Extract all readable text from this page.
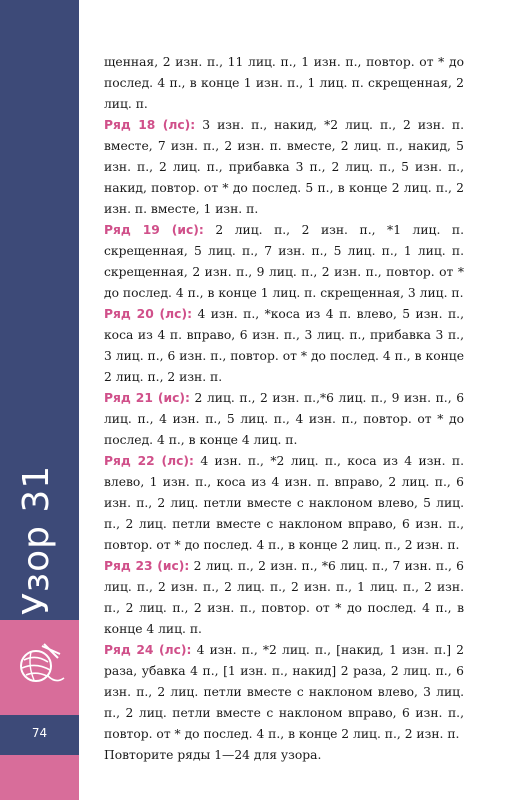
Узор 31
74

щенная, 2 изн. п., 11 лиц. п., 1 изн. п., повтор. от * до послед. 4 п., в конце 1 изн. п., 1 лиц. п. скрещенная, 2 лиц. п.

Ряд 18 (лс): 3 изн. п., накид, *2 лиц. п., 2 изн. п. вместе, 7 изн. п., 2 изн. п. вместе, 2 лиц. п., накид, 5 изн. п., 2 лиц. п., прибавка 3 п., 2 лиц. п., 5 изн. п., накид, повтор. от * до послед. 5 п., в конце 2 лиц. п., 2 изн. п. вместе, 1 изн. п.

Ряд 19 (ис): 2 лиц. п., 2 изн. п., *1 лиц. п. скрещенная, 5 лиц. п., 7 изн. п., 5 лиц. п., 1 лиц. п. скрещенная, 2 изн. п., 9 лиц. п., 2 изн. п., повтор. от * до послед. 4 п., в конце 1 лиц. п. скрещенная, 3 лиц. п.

Ряд 20 (лс): 4 изн. п., *коса из 4 п. влево, 5 изн. п., коса из 4 п. вправо, 6 изн. п., 3 лиц. п., прибавка 3 п., 3 лиц. п., 6 изн. п., повтор. от * до послед. 4 п., в конце 2 лиц. п., 2 изн. п.

Ряд 21 (ис): 2 лиц. п., 2 изн. п.,*6 лиц. п., 9 изн. п., 6 лиц. п., 4 изн. п., 5 лиц. п., 4 изн. п., повтор. от * до послед. 4 п., в конце 4 лиц. п.

Ряд 22 (лс): 4 изн. п., *2 лиц. п., коса из 4 изн. п. влево, 1 изн. п., коса из 4 изн. п. вправо, 2 лиц. п., 6 изн. п., 2 лиц. петли вместе с наклоном влево, 5 лиц. п., 2 лиц. петли вместе с наклоном вправо, 6 изн. п., повтор. от * до послед. 4 п., в конце 2 лиц. п., 2 изн. п.

Ряд 23 (ис): 2 лиц. п., 2 изн. п., *6 лиц. п., 7 изн. п., 6 лиц. п., 2 изн. п., 2 лиц. п., 2 изн. п., 1 лиц. п., 2 изн. п., 2 лиц. п., 2 изн. п., повтор. от * до послед. 4 п., в конце 4 лиц. п.

Ряд 24 (лс): 4 изн. п., *2 лиц. п., [накид, 1 изн. п.] 2 раза, убавка 4 п., [1 изн. п., накид] 2 раза, 2 лиц. п., 6 изн. п., 2 лиц. петли вместе с наклоном влево, 3 лиц. п., 2 лиц. петли вместе с наклоном вправо, 6 изн. п., повтор. от * до послед. 4 п., в конце 2 лиц. п., 2 изн. п.

Повторите ряды 1—24 для узора.
